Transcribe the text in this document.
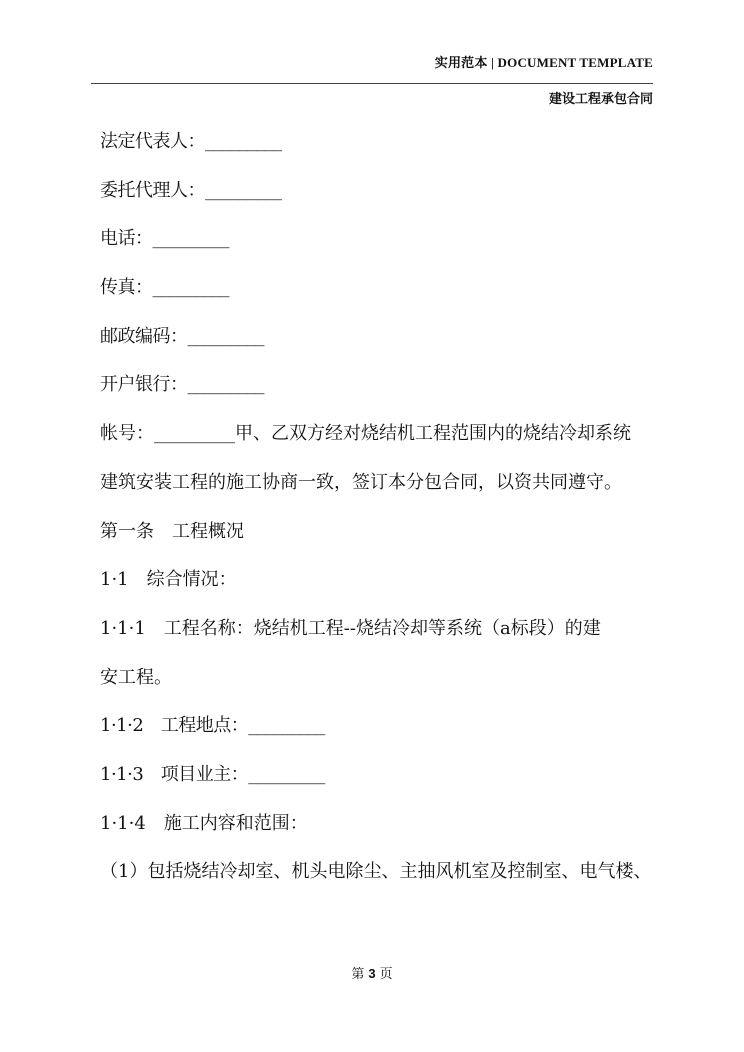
实用范本 | DOCUMENT TEMPLATE
建设工程承包合同
法定代表人：_________
委托代理人：_________
电话：_________
传真：_________
邮政编码：_________
开户银行：_________
帐号：_________甲、乙双方经对烧结机工程范围内的烧结冷却系统
建筑安装工程的施工协商一致，签订本分包合同，以资共同遵守。
第一条　工程概况
1·1　综合情况：
1·1·1　工程名称：烧结机工程--烧结冷却等系统（a标段）的建
安工程。
1·1·2　工程地点：_________
1·1·3　项目业主：_________
1·1·4　施工内容和范围：
（1）包括烧结冷却室、机头电除尘、主抽风机室及控制室、电气楼、
第 3 页
